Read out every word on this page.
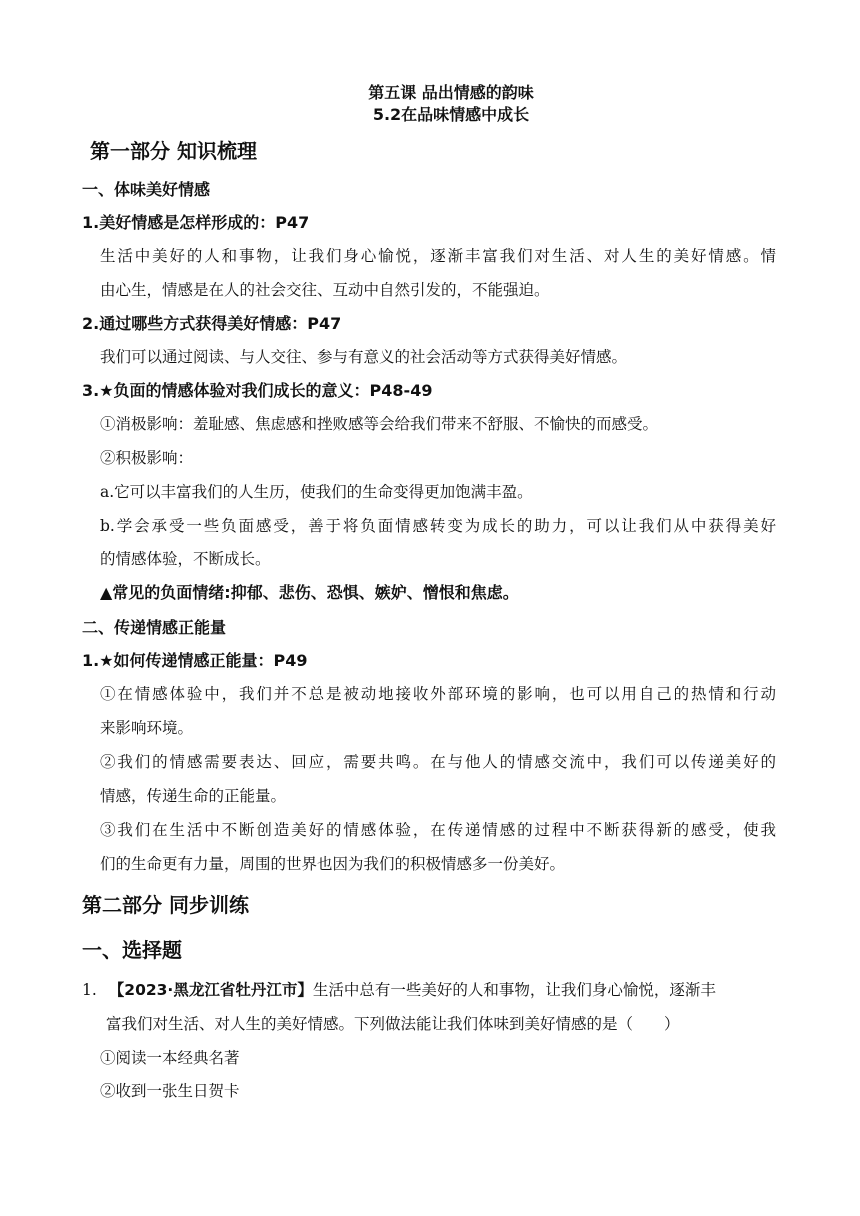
第五课 品出情感的韵味
5.2在品味情感中成长
第一部分 知识梳理
一、体味美好情感
1.美好情感是怎样形成的：P47
生活中美好的人和事物，让我们身心愉悦，逐渐丰富我们对生活、对人生的美好情感。情
由心生，情感是在人的社会交往、互动中自然引发的，不能强迫。
2.通过哪些方式获得美好情感：P47
我们可以通过阅读、与人交往、参与有意义的社会活动等方式获得美好情感。
3.★负面的情感体验对我们成长的意义：P48-49
①消极影响：羞耻感、焦虑感和挫败感等会给我们带来不舒服、不愉快的而感受。
②积极影响：
a.它可以丰富我们的人生历，使我们的生命变得更加饱满丰盈。
b.学会承受一些负面感受，善于将负面情感转变为成长的助力，可以让我们从中获得美好
的情感体验，不断成长。
▲常见的负面情绪:抑郁、悲伤、恐惧、嫉妒、憎恨和焦虑。
二、传递情感正能量
1.★如何传递情感正能量：P49
①在情感体验中，我们并不总是被动地接收外部环境的影响，也可以用自己的热情和行动
来影响环境。
②我们的情感需要表达、回应，需要共鸣。在与他人的情感交流中，我们可以传递美好的
情感，传递生命的正能量。
③我们在生活中不断创造美好的情感体验，在传递情感的过程中不断获得新的感受，使我
们的生命更有力量，周围的世界也因为我们的积极情感多一份美好。
第二部分 同步训练
一、选择题
1. 【2023·黑龙江省牡丹江市】生活中总有一些美好的人和事物，让我们身心愉悦，逐渐丰
富我们对生活、对人生的美好情感。下列做法能让我们体味到美好情感的是（　　）
①阅读一本经典名著
②收到一张生日贺卡
